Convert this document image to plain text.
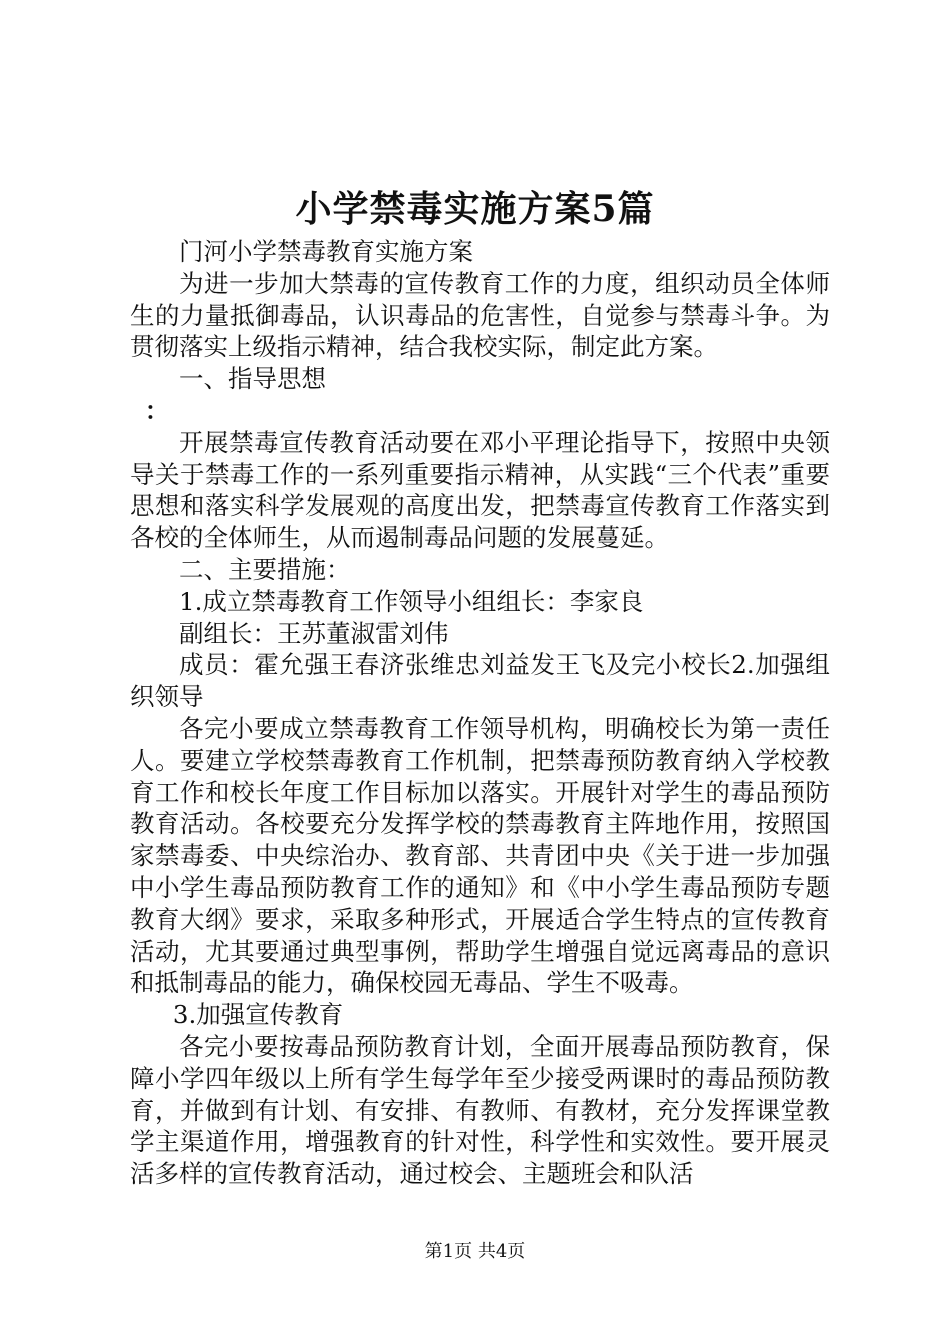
小学禁毒实施方案5篇

门河小学禁毒教育实施方案

为进一步加大禁毒的宣传教育工作的力度，组织动员全体师生的力量抵御毒品，认识毒品的危害性，自觉参与禁毒斗争。为贯彻落实上级指示精神，结合我校实际，制定此方案。

一、指导思想

：

开展禁毒宣传教育活动要在邓小平理论指导下，按照中央领导关于禁毒工作的一系列重要指示精神，从实践“三个代表”重要思想和落实科学发展观的高度出发，把禁毒宣传教育工作落实到各校的全体师生，从而遏制毒品问题的发展蔓延。

二、主要措施：

1.成立禁毒教育工作领导小组组长：李家良

副组长：王苏董淑雷刘伟

成员：霍允强王春济张维忠刘益发王飞及完小校长2.加强组织领导

各完小要成立禁毒教育工作领导机构，明确校长为第一责任人。要建立学校禁毒教育工作机制，把禁毒预防教育纳入学校教育工作和校长年度工作目标加以落实。开展针对学生的毒品预防教育活动。各校要充分发挥学校的禁毒教育主阵地作用，按照国家禁毒委、中央综治办、教育部、共青团中央《关于进一步加强中小学生毒品预防教育工作的通知》和《中小学生毒品预防专题教育大纲》要求，采取多种形式，开展适合学生特点的宣传教育活动，尤其要通过典型事例，帮助学生增强自觉远离毒品的意识和抵制毒品的能力，确保校园无毒品、学生不吸毒。

3.加强宣传教育

各完小要按毒品预防教育计划，全面开展毒品预防教育，保障小学四年级以上所有学生每学年至少接受两课时的毒品预防教育，并做到有计划、有安排、有教师、有教材，充分发挥课堂教学主渠道作用，增强教育的针对性，科学性和实效性。要开展灵活多样的宣传教育活动，通过校会、主题班会和队活

第1页 共4页
